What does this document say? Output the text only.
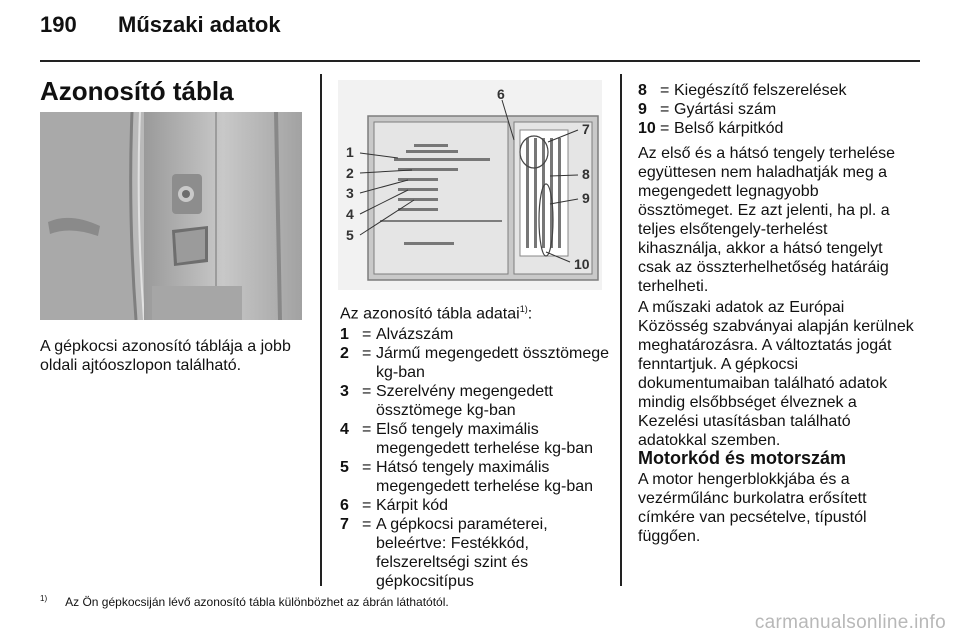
190 Műszaki adatok
Azonosító tábla
A gépkocsi azonosító táblája a jobb oldali ajtóoszlopon található.
1
2
3
4
5
6
7
8
9
10
Az azonosító tábla adatai$^{1)}$:
1 = Alvázszám
2 = Jármű megengedett össztömege kg-ban
3 = Szerelvény megengedett össztömege kg-ban
4 = Első tengely maximális megengedett terhelése kg-ban
5 = Hátsó tengely maximális megengedett terhelése kg-ban
6 = Kárpit kód
7 = A gépkocsi paraméterei, beleértve: Festékkód, felszereltségi szint és gépkocsitípus
8 = Kiegészítő felszerelések
9 = Gyártási szám
10 = Belső kárpitkód
Az első és a hátsó tengely terhelése együttesen nem haladhatják meg a megengedett legnagyobb össztömeget. Ez azt jelenti, ha pl. a teljes elsőtengely-terhelést kihasználja, akkor a hátsó tengelyt csak az összterhelhetőség határáig terhelheti.
A műszaki adatok az Európai Közösség szabványai alapján kerülnek meghatározásra. A változtatás jogát fenntartjuk. A gépkocsi dokumentumaiban található adatok mindig elsőbbséget élveznek a Kezelési utasításban található adatokkal szemben.
Motorkód és motorszám
A motor hengerblokkjába és a vezérműlánc burkolatra erősített címkére van pecsételve, típustól függően.
$^{1)}$ Az Ön gépkocsiján lévő azonosító tábla különbözhet az ábrán láthatótól.
carmanualsonline.info
